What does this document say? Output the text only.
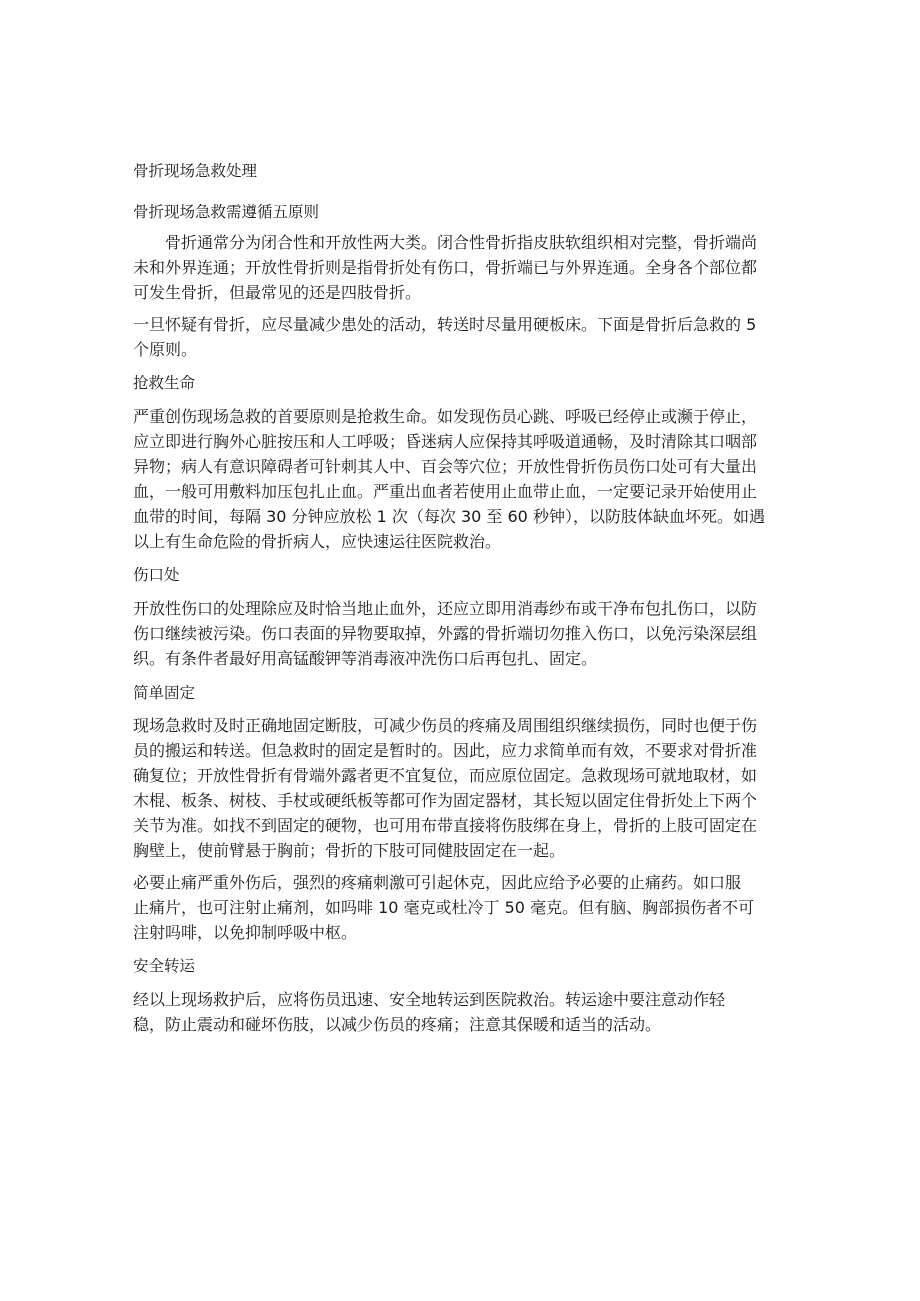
骨折现场急救处理
骨折现场急救需遵循五原则
　　骨折通常分为闭合性和开放性两大类。闭合性骨折指皮肤软组织相对完整，骨折端尚
未和外界连通；开放性骨折则是指骨折处有伤口，骨折端已与外界连通。全身各个部位都
可发生骨折，但最常见的还是四肢骨折。
一旦怀疑有骨折，应尽量减少患处的活动，转送时尽量用硬板床。下面是骨折后急救的 5
个原则。
抢救生命
严重创伤现场急救的首要原则是抢救生命。如发现伤员心跳、呼吸已经停止或濒于停止，
应立即进行胸外心脏按压和人工呼吸；昏迷病人应保持其呼吸道通畅，及时清除其口咽部
异物；病人有意识障碍者可针刺其人中、百会等穴位；开放性骨折伤员伤口处可有大量出
血，一般可用敷料加压包扎止血。严重出血者若使用止血带止血，一定要记录开始使用止
血带的时间，每隔 30 分钟应放松 1 次（每次 30 至 60 秒钟），以防肢体缺血坏死。如遇
以上有生命危险的骨折病人，应快速运往医院救治。
伤口处
开放性伤口的处理除应及时恰当地止血外，还应立即用消毒纱布或干净布包扎伤口，以防
伤口继续被污染。伤口表面的异物要取掉，外露的骨折端切勿推入伤口，以免污染深层组
织。有条件者最好用高锰酸钾等消毒液冲洗伤口后再包扎、固定。
简单固定
现场急救时及时正确地固定断肢，可减少伤员的疼痛及周围组织继续损伤，同时也便于伤
员的搬运和转送。但急救时的固定是暂时的。因此，应力求简单而有效，不要求对骨折准
确复位；开放性骨折有骨端外露者更不宜复位，而应原位固定。急救现场可就地取材，如
木棍、板条、树枝、手杖或硬纸板等都可作为固定器材，其长短以固定住骨折处上下两个
关节为准。如找不到固定的硬物，也可用布带直接将伤肢绑在身上，骨折的上肢可固定在
胸壁上，使前臂悬于胸前；骨折的下肢可同健肢固定在一起。
必要止痛严重外伤后，强烈的疼痛刺激可引起休克，因此应给予必要的止痛药。如口服
止痛片，也可注射止痛剂，如吗啡 10 毫克或杜冷丁 50 毫克。但有脑、胸部损伤者不可
注射吗啡，以免抑制呼吸中枢。
安全转运
经以上现场救护后，应将伤员迅速、安全地转运到医院救治。转运途中要注意动作轻
稳，防止震动和碰坏伤肢，以减少伤员的疼痛；注意其保暖和适当的活动。
